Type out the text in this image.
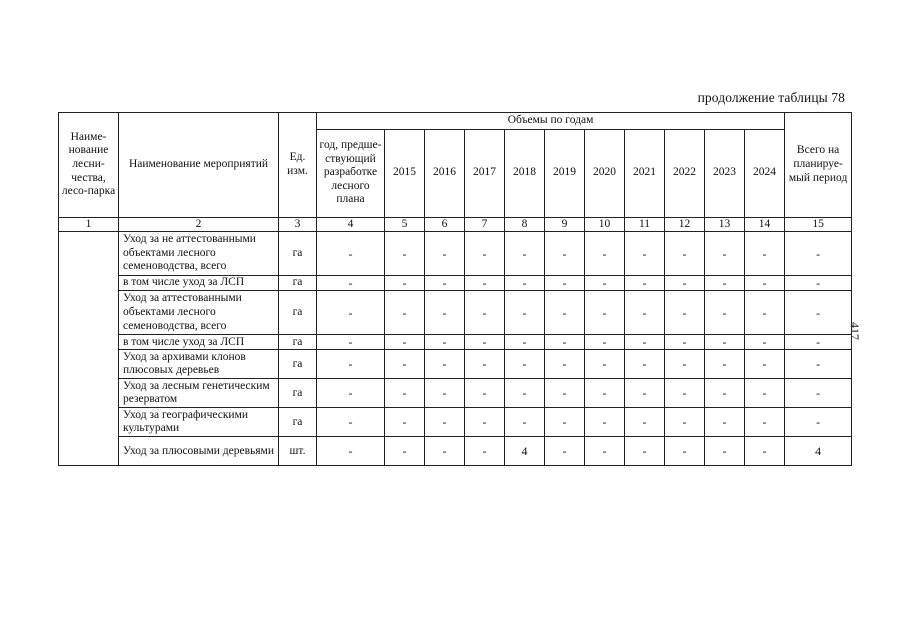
продолжение таблицы 78
417
Наиме-нование лесни-чества, лесо-парка	Наименование мероприятий	Ед. изм.	Объемы по годам											Всего на планируе-мый период
			год, предше-ствующий разработке лесного плана	2015	2016	2017	2018	2019	2020	2021	2022	2023	2024	
1	2	3	4	5	6	7	8	9	10	11	12	13	14	15
	Уход за не аттестованными объектами лесного семеноводства, всего	га	-	-	-	-	-	-	-	-	-	-	-	-
	в том числе уход за ЛСП	га	-	-	-	-	-	-	-	-	-	-	-	-
	Уход за аттестованными объектами лесного семеноводства, всего	га	-	-	-	-	-	-	-	-	-	-	-	-
	в том числе уход за ЛСП	га	-	-	-	-	-	-	-	-	-	-	-	-
	Уход за архивами клонов плюсовых деревьев	га	-	-	-	-	-	-	-	-	-	-	-	-
	Уход за лесным генетическим резерватом	га	-	-	-	-	-	-	-	-	-	-	-	-
	Уход за географическими культурами	га	-	-	-	-	-	-	-	-	-	-	-	-
	Уход за плюсовыми деревьями	шт.	-	-	-	-	4	-	-	-	-	-	-	4
